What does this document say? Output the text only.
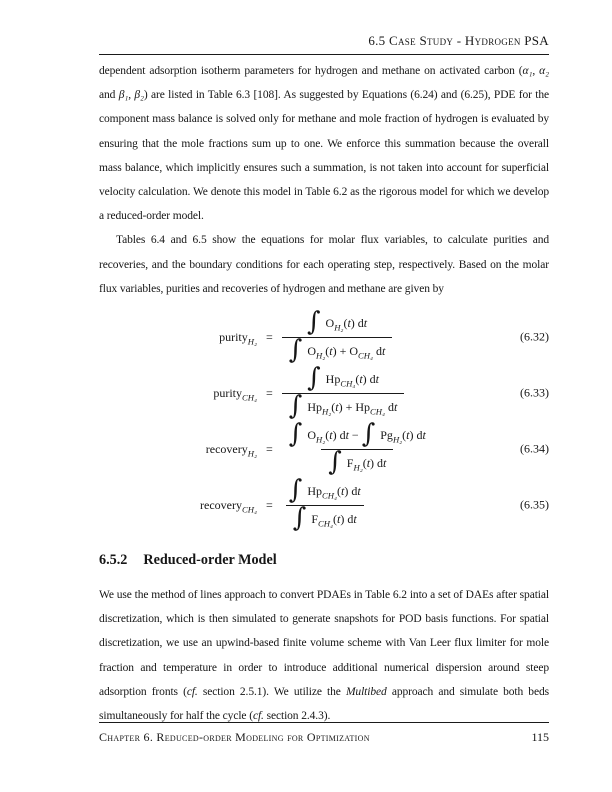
6.5 Case Study - Hydrogen PSA

dependent adsorption isotherm parameters for hydrogen and methane on activated carbon (α₁, α₂ and β₁, β₂) are listed in Table 6.3 [108]. As suggested by Equations (6.24) and (6.25), PDE for the component mass balance is solved only for methane and mole fraction of hydrogen is evaluated by ensuring that the mole fractions sum up to one. We enforce this summation because the overall mass balance, which implicitly ensures such a summation, is not taken into account for superficial velocity calculation. We denote this model in Table 6.2 as the rigorous model for which we develop a reduced-order model.

Tables 6.4 and 6.5 show the equations for molar flux variables, to calculate purities and recoveries, and the boundary conditions for each operating step, respectively. Based on the molar flux variables, purities and recoveries of hydrogen and methane are given by

purity$_{H_2}$ = $\frac{\int O_{H_2}(t) dt}{\int O_{H_2}(t) + O_{CH_4} dt}$	(6.32)
purity$_{CH_4}$ = $\frac{\int Hp_{CH_4}(t) dt}{\int Hp_{H_2}(t) + Hp_{CH_4} dt}$	(6.33)
recovery$_{H_2}$ = $\frac{\int O_{H_2}(t) dt - \int Pg_{H_2}(t) dt}{\int F_{H_2}(t) dt}$	(6.34)
recovery$_{CH_4}$ = $\frac{\int Hp_{CH_4}(t) dt}{\int F_{CH_4}(t) dt}$	(6.35)
6.5.2 Reduced-order Model

We use the method of lines approach to convert PDAEs in Table 6.2 into a set of DAEs after spatial discretization, which is then simulated to generate snapshots for POD basis functions. For spatial discretization, we use an upwind-based finite volume scheme with Van Leer flux limiter for mole fraction and temperature in order to introduce additional numerical dispersion around steep adsorption fronts (cf. section 2.5.1). We utilize the Multibed approach and simulate both beds simultaneously for half the cycle (cf. section 2.4.3).

Chapter 6. Reduced-order Modeling for Optimization	115
